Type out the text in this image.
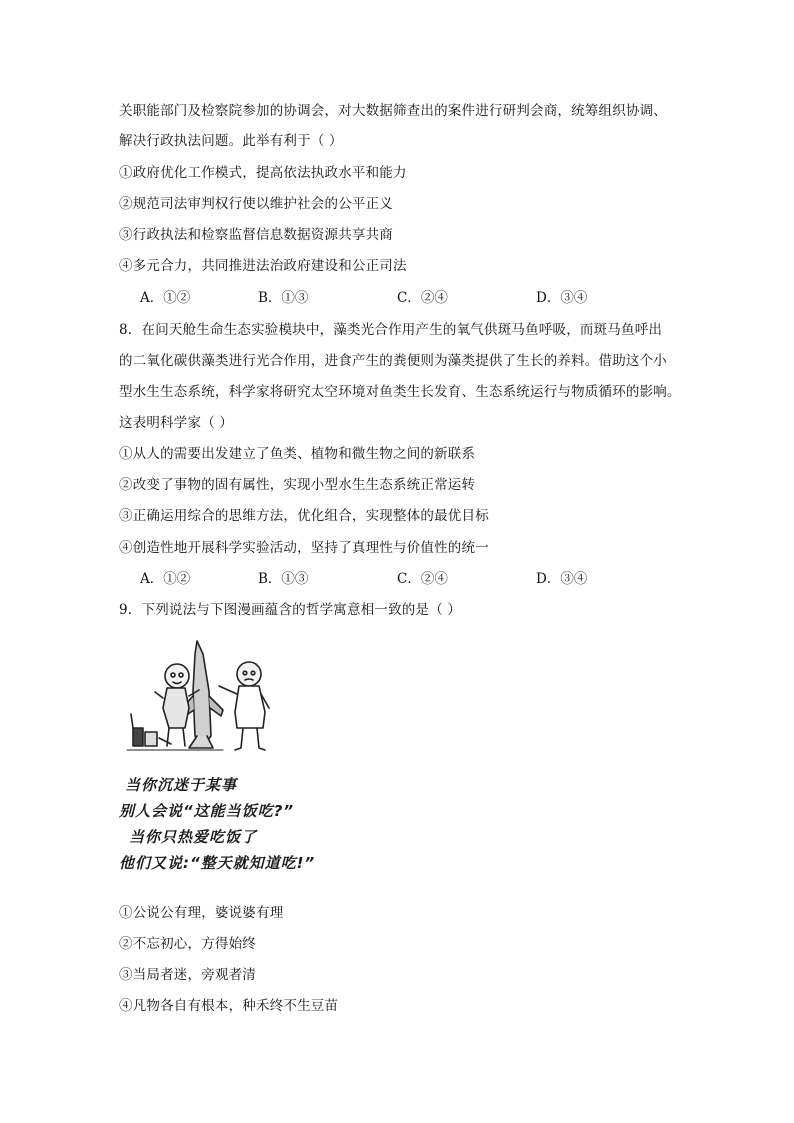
关职能部门及检察院参加的协调会，对大数据筛查出的案件进行研判会商，统筹组织协调、
解决行政执法问题。此举有利于（ ）
①政府优化工作模式，提高依法执政水平和能力
②规范司法审判权行使以维护社会的公平正义
③行政执法和检察监督信息数据资源共享共商
④多元合力，共同推进法治政府建设和公正司法
A．①②	B．①③	C．②④	D．③④
8．在问天舱生命生态实验模块中，藻类光合作用产生的氧气供斑马鱼呼吸，而斑马鱼呼出
的二氧化碳供藻类进行光合作用，进食产生的粪便则为藻类提供了生长的养料。借助这个小
型水生生态系统，科学家将研究太空环境对鱼类生长发育、生态系统运行与物质循环的影响。
这表明科学家（ ）
①从人的需要出发建立了鱼类、植物和微生物之间的新联系
②改变了事物的固有属性，实现小型水生生态系统正常运转
③正确运用综合的思维方法，优化组合，实现整体的最优目标
④创造性地开展科学实验活动，坚持了真理性与价值性的统一
A．①②	B．①③	C．②④	D．③④
9．下列说法与下图漫画蕴含的哲学寓意相一致的是（ ）
当你沉迷于某事
别人会说“这能当饭吃?”
当你只热爱吃饭了
他们又说:“整天就知道吃!”
①公说公有理，婆说婆有理
②不忘初心，方得始终
③当局者迷，旁观者清
④凡物各自有根本，种禾终不生豆苗
